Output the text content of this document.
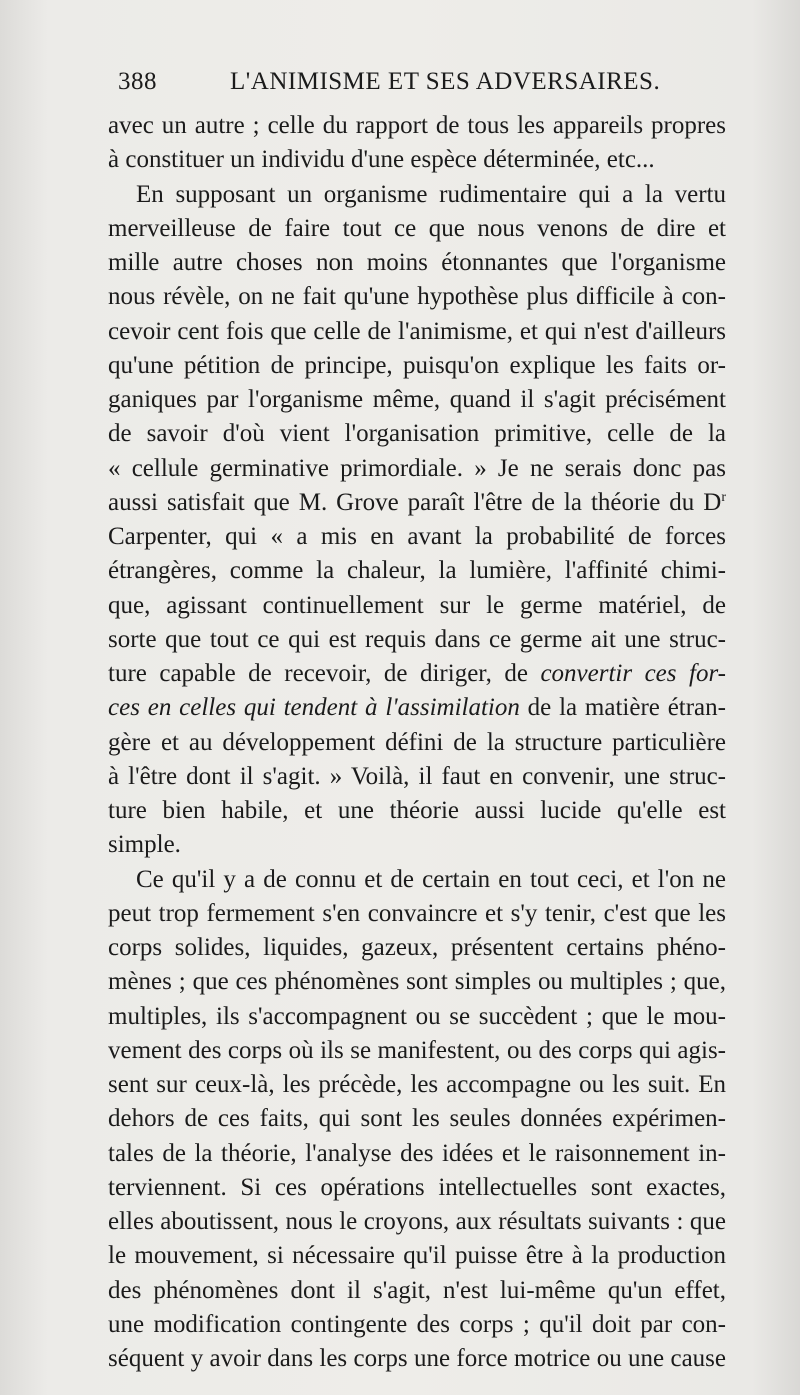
388	L'ANIMISME ET SES ADVERSAIRES.
avec un autre ; celle du rapport de tous les appareils propres
à constituer un individu d'une espèce déterminée, etc...
En supposant un organisme rudimentaire qui a la vertu
merveilleuse de faire tout ce que nous venons de dire et
mille autre choses non moins étonnantes que l'organisme
nous révèle, on ne fait qu'une hypothèse plus difficile à con-
cevoir cent fois que celle de l'animisme, et qui n'est d'ailleurs
qu'une pétition de principe, puisqu'on explique les faits or-
ganiques par l'organisme même, quand il s'agit précisément
de savoir d'où vient l'organisation primitive, celle de la
« cellule germinative primordiale. » Je ne serais donc pas
aussi satisfait que M. Grove paraît l'être de la théorie du $D^r$
Carpenter, qui « a mis en avant la probabilité de forces
étrangères, comme la chaleur, la lumière, l'affinité chimi-
que, agissant continuellement sur le germe matériel, de
sorte que tout ce qui est requis dans ce germe ait une struc-
ture capable de recevoir, de diriger, de convertir ces for-
ces en celles qui tendent à l'assimilation de la matière étran-
gère et au développement défini de la structure particulière
à l'être dont il s'agit. » Voilà, il faut en convenir, une struc-
ture bien habile, et une théorie aussi lucide qu'elle est
simple.
Ce qu'il y a de connu et de certain en tout ceci, et l'on ne
peut trop fermement s'en convaincre et s'y tenir, c'est que les
corps solides, liquides, gazeux, présentent certains phéno-
mènes ; que ces phénomènes sont simples ou multiples ; que,
multiples, ils s'accompagnent ou se succèdent ; que le mou-
vement des corps où ils se manifestent, ou des corps qui agis-
sent sur ceux-là, les précède, les accompagne ou les suit. En
dehors de ces faits, qui sont les seules données expérimen-
tales de la théorie, l'analyse des idées et le raisonnement in-
terviennent. Si ces opérations intellectuelles sont exactes,
elles aboutissent, nous le croyons, aux résultats suivants : que
le mouvement, si nécessaire qu'il puisse être à la production
des phénomènes dont il s'agit, n'est lui-même qu'un effet,
une modification contingente des corps ; qu'il doit par con-
séquent y avoir dans les corps une force motrice ou une cause
